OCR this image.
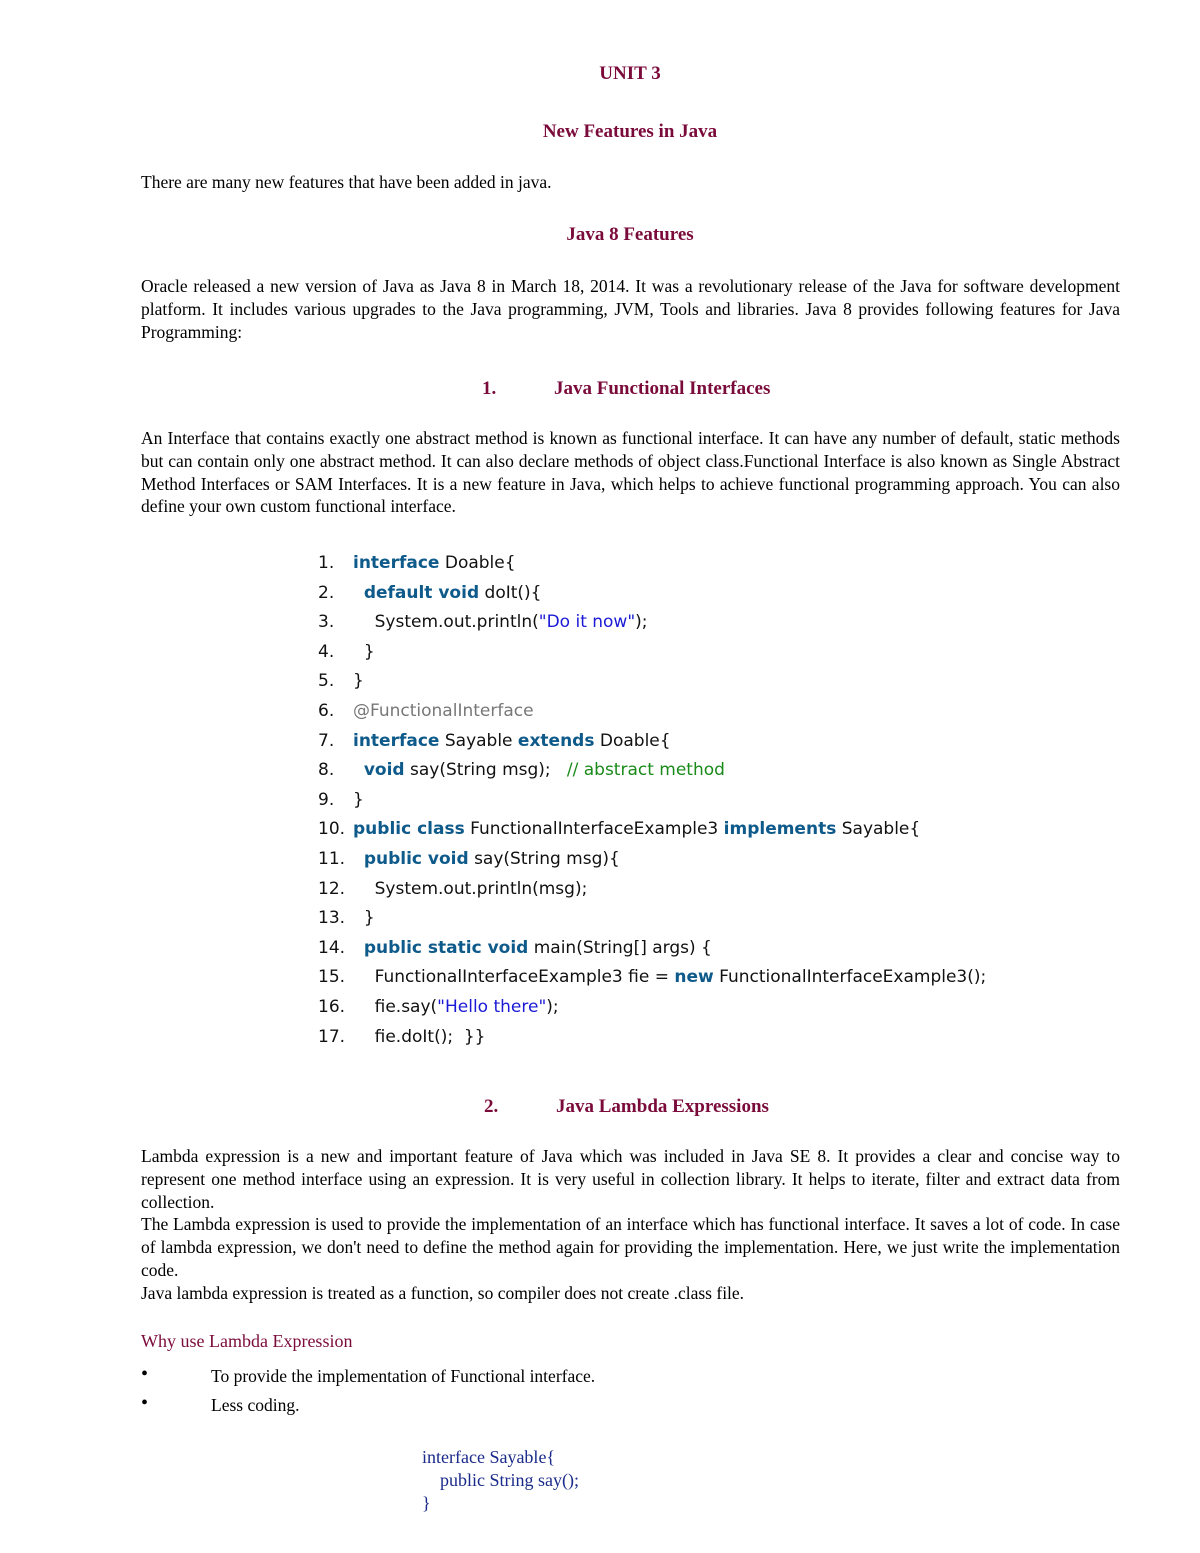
UNIT 3
New Features in Java
There are many new features that have been added in java.
Java 8 Features
Oracle released a new version of Java as Java 8 in March 18, 2014. It was a revolutionary release of the Java for software development platform. It includes various upgrades to the Java programming, JVM, Tools and libraries. Java 8 provides following features for Java Programming:
1.	Java Functional Interfaces
An Interface that contains exactly one abstract method is known as functional interface. It can have any number of default, static methods but can contain only one abstract method. It can also declare methods of object class.Functional Interface is also known as Single Abstract Method Interfaces or SAM Interfaces. It is a new feature in Java, which helps to achieve functional programming approach. You can also define your own custom functional interface.
1. interface Doable{
2. default void doIt(){
3. System.out.println("Do it now");
4. }
5. }
6. @FunctionalInterface
7. interface Sayable extends Doable{
8. void say(String msg);   // abstract method
9. }
10. public class FunctionalInterfaceExample3 implements Sayable{
11. public void say(String msg){
12. System.out.println(msg);
13. }
14. public static void main(String[] args) {
15. FunctionalInterfaceExample3 fie = new FunctionalInterfaceExample3();
16. fie.say("Hello there");
17. fie.doIt();  }}
2.	Java Lambda Expressions

Lambda expression is a new and important feature of Java which was included in Java SE 8. It provides a clear and concise way to represent one method interface using an expression. It is very useful in collection library. It helps to iterate, filter and extract data from collection.

The Lambda expression is used to provide the implementation of an interface which has functional interface. It saves a lot of code. In case of lambda expression, we don't need to define the method again for providing the implementation. Here, we just write the implementation code.

Java lambda expression is treated as a function, so compiler does not create .class file.

Why use Lambda Expression
•	To provide the implementation of Functional interface.
•	Less coding.
interface Sayable{
public String say();
}
